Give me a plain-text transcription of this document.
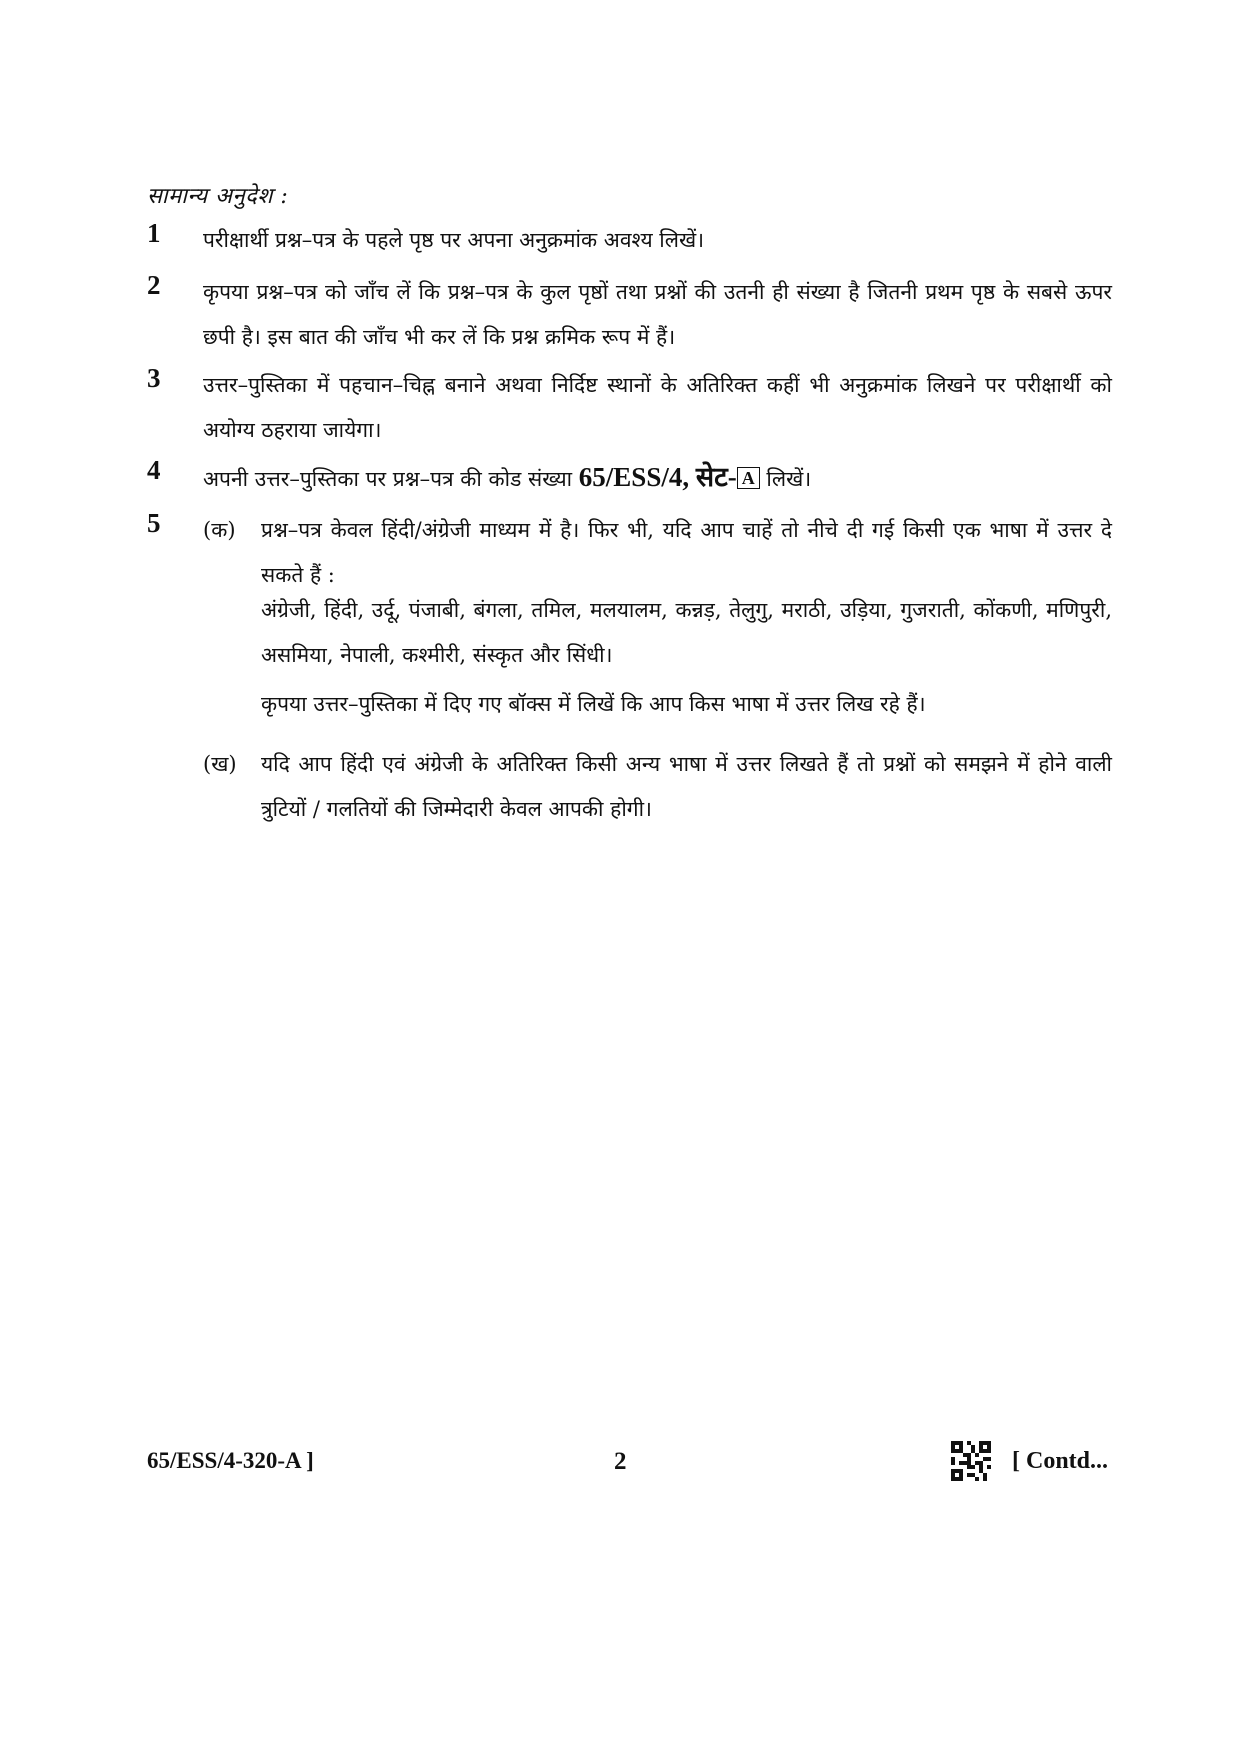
सामान्य अनुदेश :
1 परीक्षार्थी प्रश्न–पत्र के पहले पृष्ठ पर अपना अनुक्रमांक अवश्य लिखें।
2 कृपया प्रश्न–पत्र को जाँच लें कि प्रश्न–पत्र के कुल पृष्ठों तथा प्रश्नों की उतनी ही संख्या है जितनी प्रथम पृष्ठ के सबसे ऊपर छपी है। इस बात की जाँच भी कर लें कि प्रश्न क्रमिक रूप में हैं।
3 उत्तर–पुस्तिका में पहचान–चिह्न बनाने अथवा निर्दिष्ट स्थानों के अतिरिक्त कहीं भी अनुक्रमांक लिखने पर परीक्षार्थी को अयोग्य ठहराया जायेगा।
4 अपनी उत्तर–पुस्तिका पर प्रश्न–पत्र की कोड संख्या 65/ESS/4, सेट- A लिखें।
5 (क) प्रश्न–पत्र केवल हिंदी/अंग्रेजी माध्यम में है। फिर भी, यदि आप चाहें तो नीचे दी गई किसी एक भाषा में उत्तर दे सकते हैं :
अंग्रेजी, हिंदी, उर्दू, पंजाबी, बंगला, तमिल, मलयालम, कन्नड़, तेलुगु, मराठी, उड़िया, गुजराती, कोंकणी, मणिपुरी, असमिया, नेपाली, कश्मीरी, संस्कृत और सिंधी।
कृपया उत्तर–पुस्तिका में दिए गए बॉक्स में लिखें कि आप किस भाषा में उत्तर लिख रहे हैं।
(ख) यदि आप हिंदी एवं अंग्रेजी के अतिरिक्त किसी अन्य भाषा में उत्तर लिखते हैं तो प्रश्नों को समझने में होने वाली त्रुटियों / गलतियों की जिम्मेदारी केवल आपकी होगी।
65/ESS/4-320-A ]	2	[ Contd...
